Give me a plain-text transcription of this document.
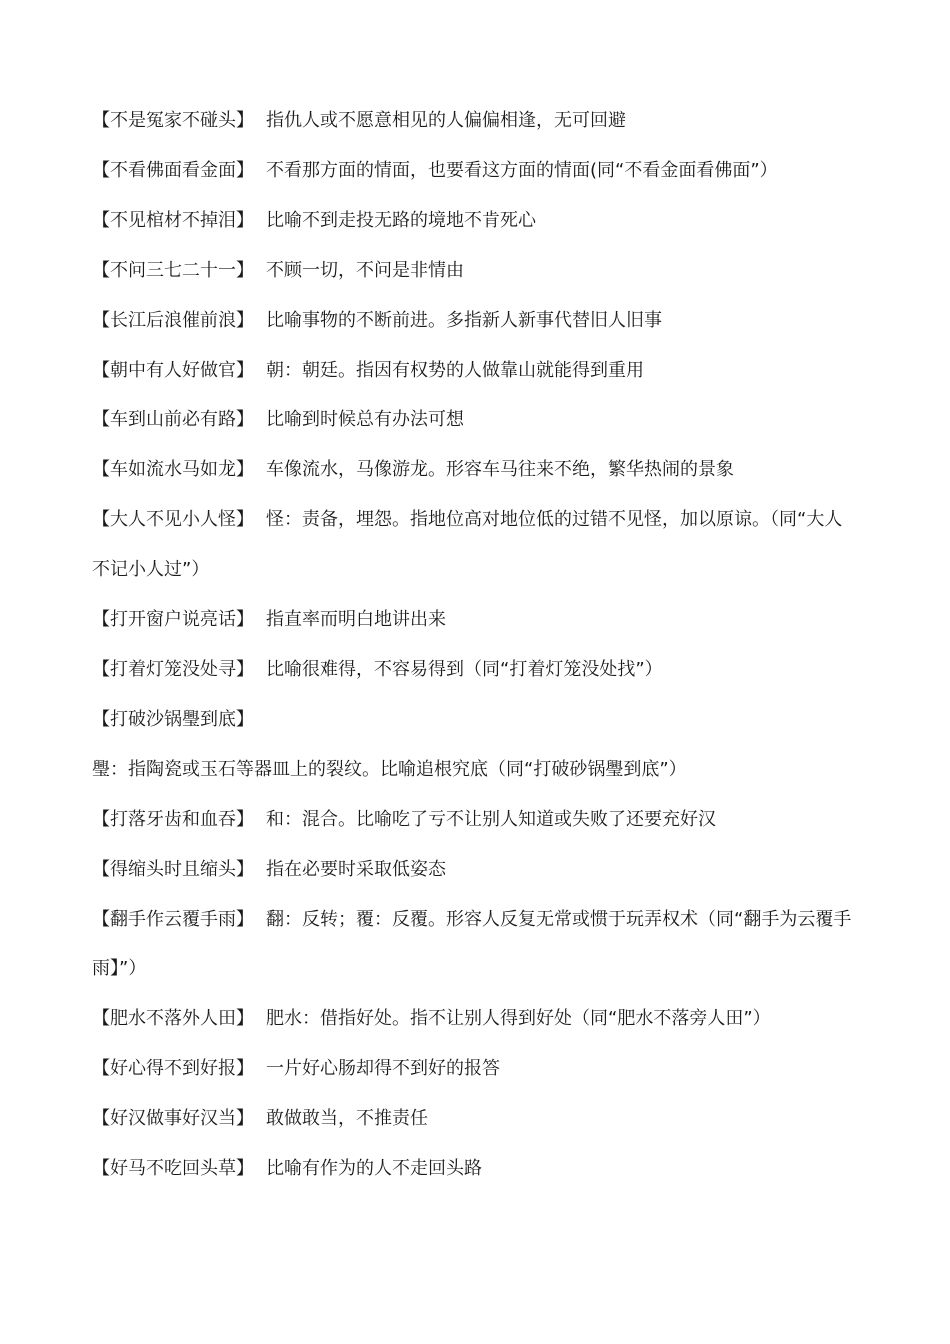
【不是冤家不碰头】 指仇人或不愿意相见的人偏偏相逢，无可回避

【不看佛面看金面】 不看那方面的情面，也要看这方面的情面(同“不看金面看佛面”）

【不见棺材不掉泪】 比喻不到走投无路的境地不肯死心

【不问三七二十一】 不顾一切，不问是非情由

【长江后浪催前浪】 比喻事物的不断前进。多指新人新事代替旧人旧事

【朝中有人好做官】 朝：朝廷。指因有权势的人做靠山就能得到重用

【车到山前必有路】 比喻到时候总有办法可想

【车如流水马如龙】 车像流水，马像游龙。形容车马往来不绝，繁华热闹的景象

【大人不见小人怪】 怪：责备，埋怨。指地位高对地位低的过错不见怪，加以原谅。（同“大人不记小人过”）

【打开窗户说亮话】 指直率而明白地讲出来

【打着灯笼没处寻】 比喻很难得，不容易得到（同“打着灯笼没处找”）

【打破沙锅璺到底】璺：指陶瓷或玉石等器皿上的裂纹。比喻追根究底（同“打破砂锅璺到底”）

【打落牙齿和血吞】 和：混合。比喻吃了亏不让别人知道或失败了还要充好汉

【得缩头时且缩头】 指在必要时采取低姿态

【翻手作云覆手雨】 翻：反转；覆：反覆。形容人反复无常或惯于玩弄权术（同“翻手为云覆手雨】”）

【肥水不落外人田】 肥水：借指好处。指不让别人得到好处（同“肥水不落旁人田”）

【好心得不到好报】 一片好心肠却得不到好的报答

【好汉做事好汉当】 敢做敢当，不推责任

【好马不吃回头草】 比喻有作为的人不走回头路
